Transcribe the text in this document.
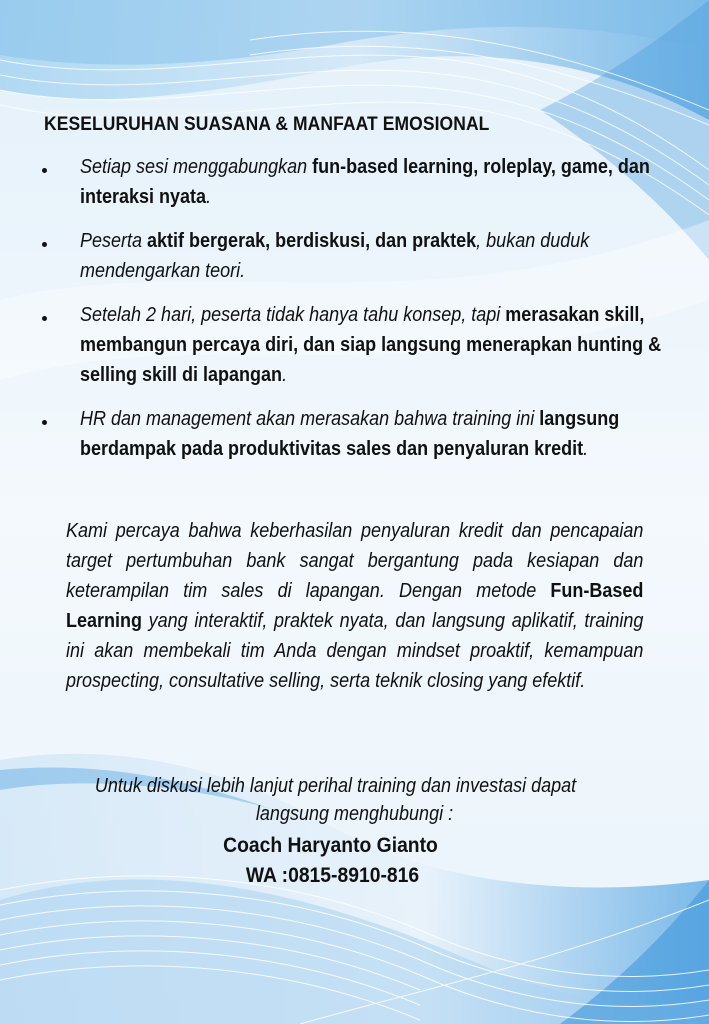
KESELURUHAN SUASANA & MANFAAT EMOSIONAL
Setiap sesi menggabungkan fun-based learning, roleplay, game, dan interaksi nyata.
Peserta aktif bergerak, berdiskusi, dan praktek, bukan duduk mendengarkan teori.
Setelah 2 hari, peserta tidak hanya tahu konsep, tapi merasakan skill, membangun percaya diri, dan siap langsung menerapkan hunting & selling skill di lapangan.
HR dan management akan merasakan bahwa training ini langsung berdampak pada produktivitas sales dan penyaluran kredit.
Kami percaya bahwa keberhasilan penyaluran kredit dan pencapaian target pertumbuhan bank sangat bergantung pada kesiapan dan keterampilan tim sales di lapangan. Dengan metode Fun-Based Learning yang interaktif, praktek nyata, dan langsung aplikatif, training ini akan membekali tim Anda dengan mindset proaktif, kemampuan prospecting, consultative selling, serta teknik closing yang efektif.
Untuk diskusi lebih lanjut perihal training dan investasi dapat
langsung menghubungi :
Coach Haryanto Gianto
WA :0815-8910-816
